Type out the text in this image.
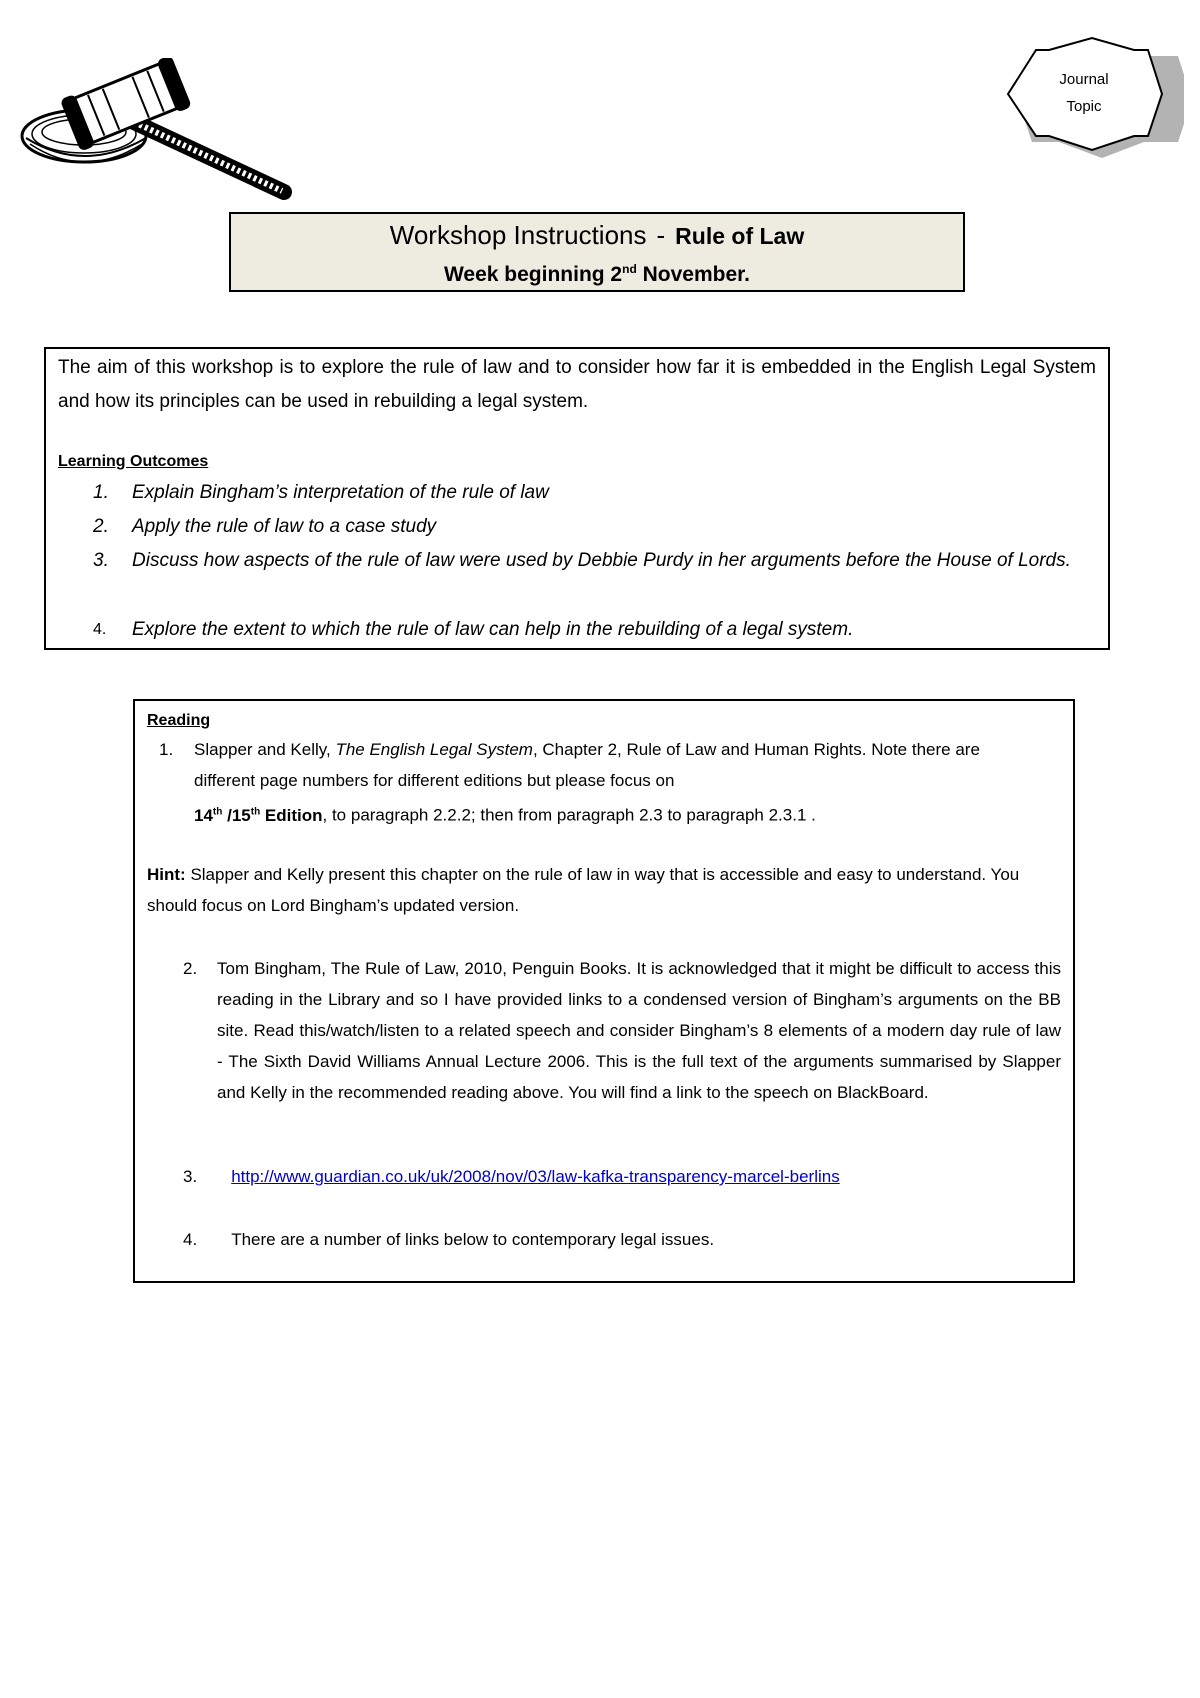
Journal
Topic
Workshop Instructions - Rule of Law
Week beginning 2nd November.
The aim of this workshop is to explore the rule of law and to consider how far it is embedded in the English Legal System and how its principles can be used in rebuilding a legal system.
Learning Outcomes
1.	Explain Bingham’s interpretation of the rule of law
2.	Apply the rule of law to a case study
3.	Discuss how aspects of the rule of law were used by Debbie Purdy in her arguments before the House of Lords.
4.	Explore the extent to which the rule of law can help in the rebuilding of a legal system.
Reading
1. Slapper and Kelly, The English Legal System, Chapter 2, Rule of Law and Human Rights. Note there are different page numbers for different editions but please focus on
14th /15th Edition, to paragraph 2.2.2; then from paragraph 2.3 to paragraph 2.3.1 .
Hint: Slapper and Kelly present this chapter on the rule of law in way that is accessible and easy to understand. You should focus on Lord Bingham’s updated version.
2. Tom Bingham, The Rule of Law, 2010, Penguin Books. It is acknowledged that it might be difficult to access this reading in the Library and so I have provided links to a condensed version of Bingham’s arguments on the BB site. Read this/watch/listen to a related speech and consider Bingham’s 8 elements of a modern day rule of law - The Sixth David Williams Annual Lecture 2006. This is the full text of the arguments summarised by Slapper and Kelly in the recommended reading above. You will find a link to the speech on BlackBoard.
3. http://www.guardian.co.uk/uk/2008/nov/03/law-kafka-transparency-marcel-berlins
4. There are a number of links below to contemporary legal issues.
